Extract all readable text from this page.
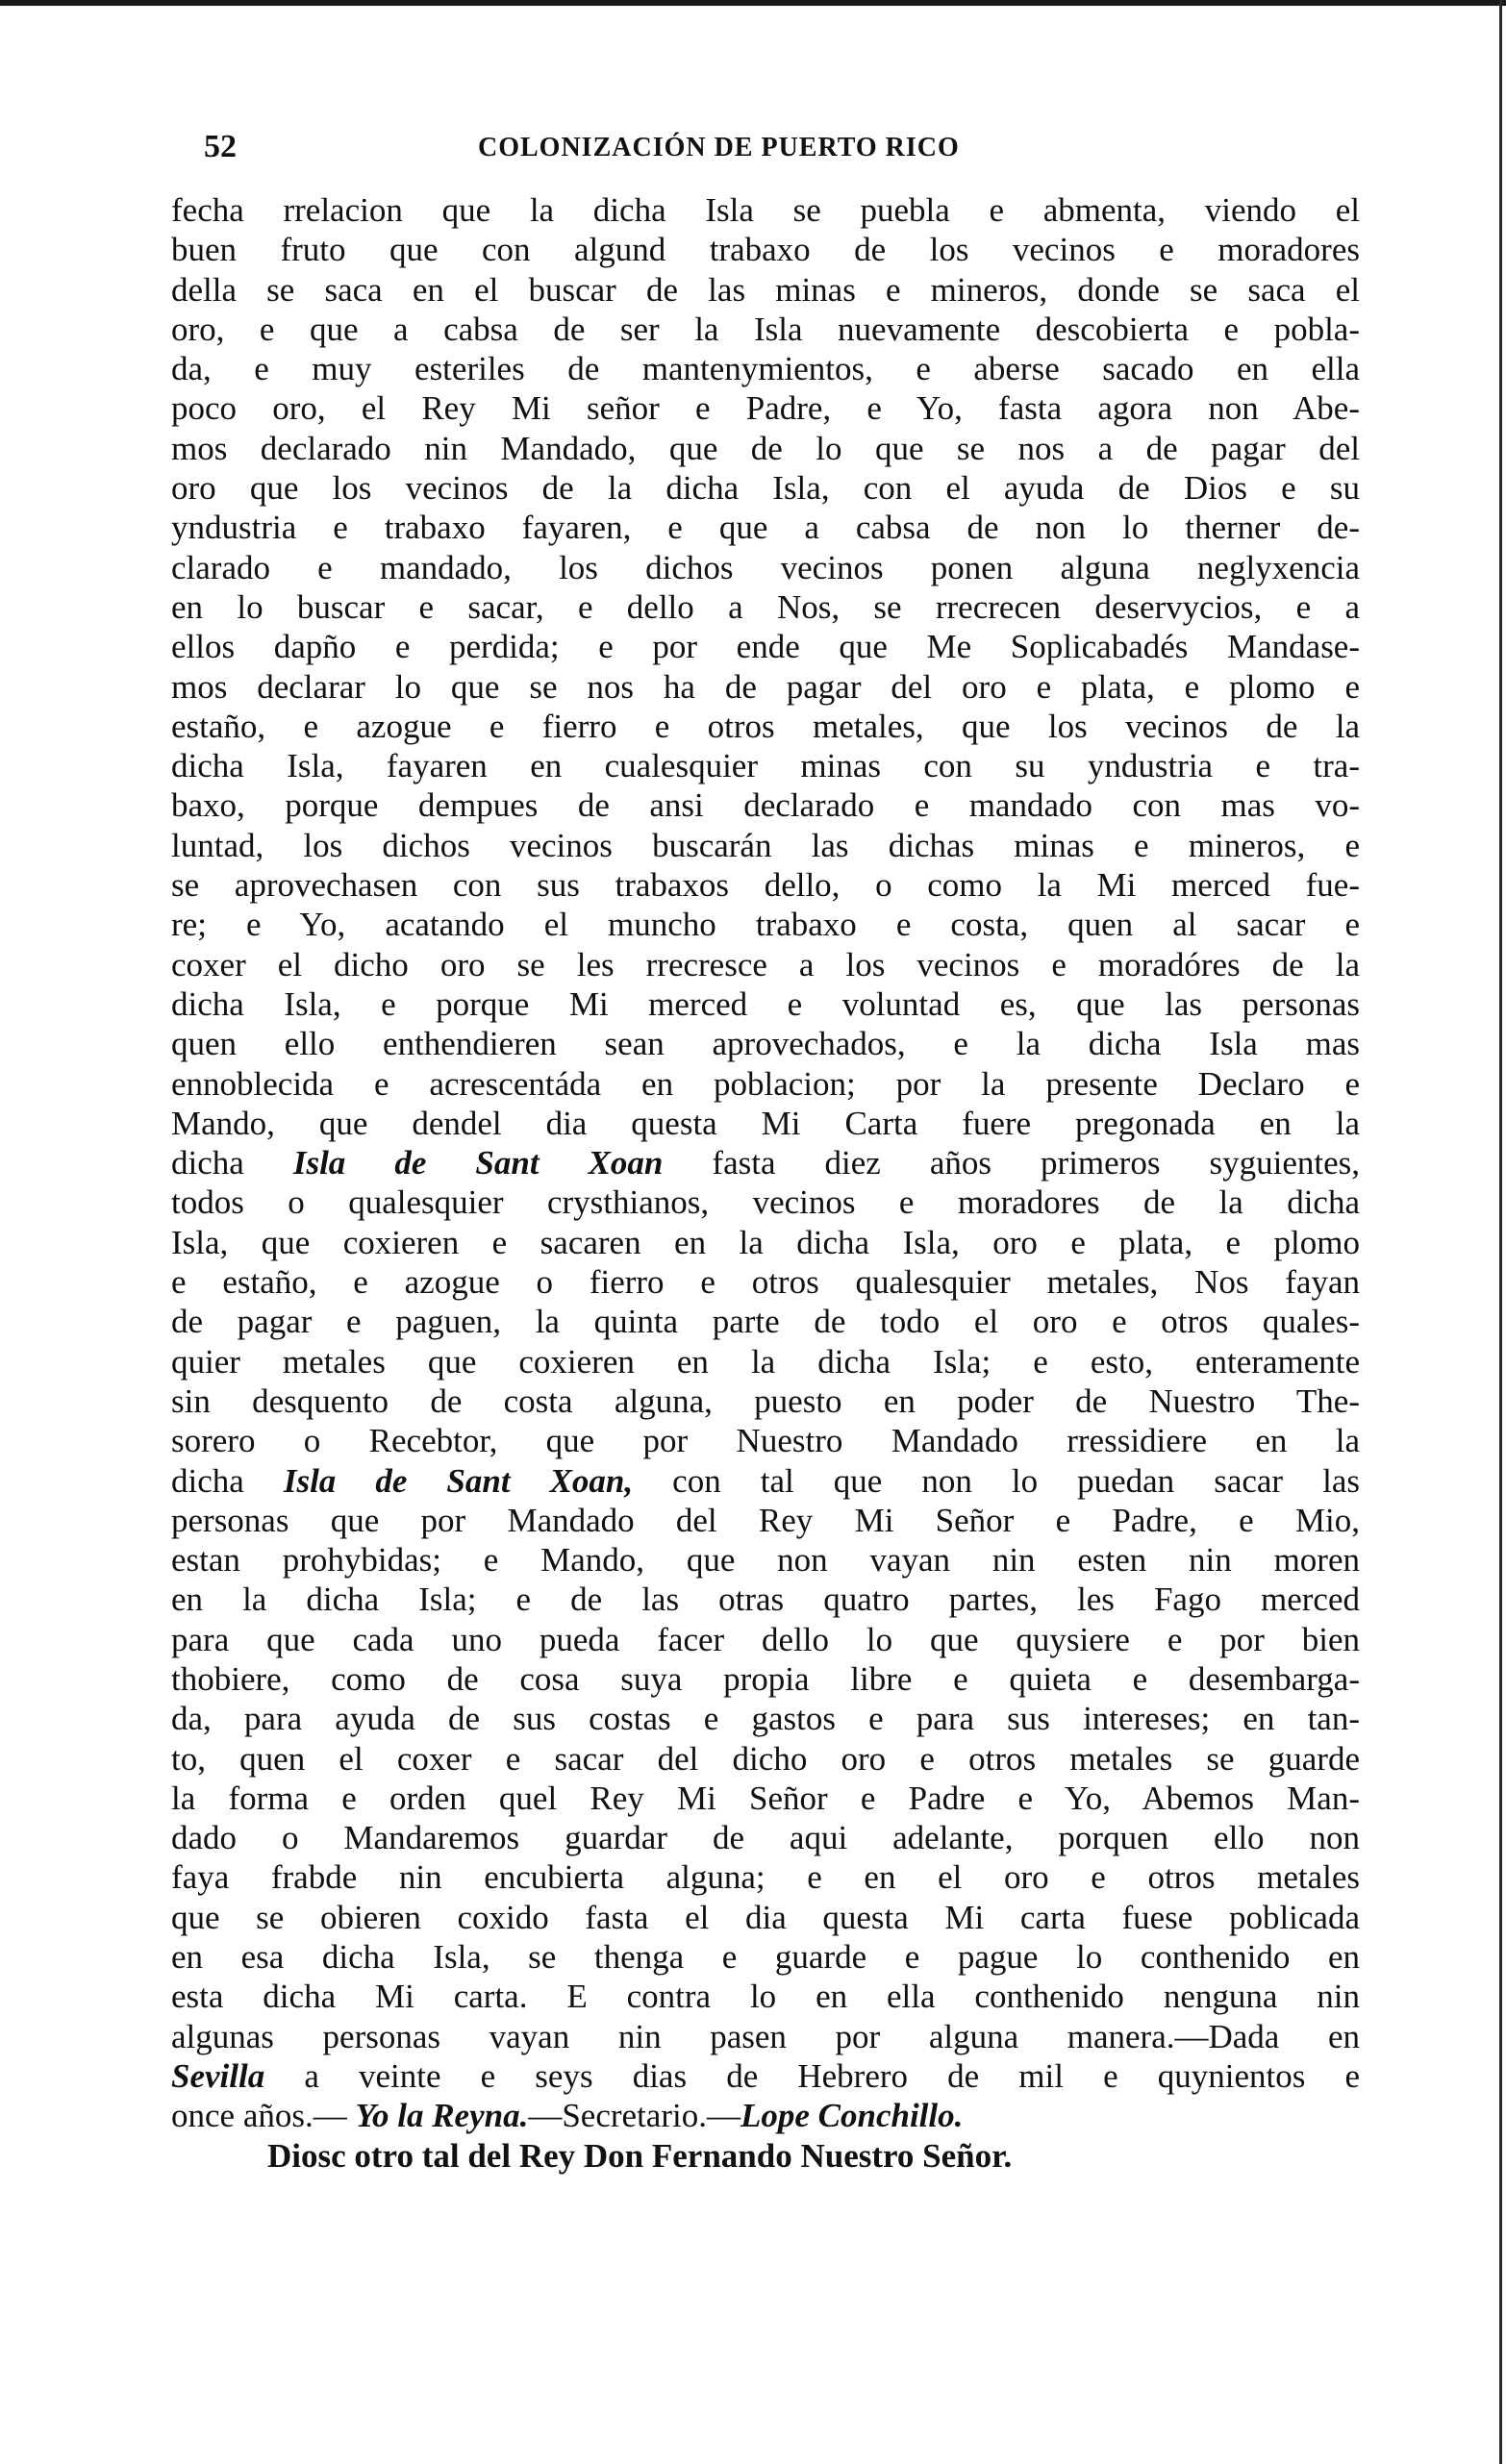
52	COLONIZACIÓN DE PUERTO RICO
fecha rrelacion que la dicha Isla se puebla e abmenta, viendo el
buen fruto que con algund trabaxo de los vecinos e moradores
della se saca en el buscar de las minas e mineros, donde se saca el
oro, e que a cabsa de ser la Isla nuevamente descobierta e pobla-
da, e muy esteriles de mantenymientos, e aberse sacado en ella
poco oro, el Rey Mi señor e Padre, e Yo, fasta agora non Abe-
mos declarado nin Mandado, que de lo que se nos a de pagar del
oro que los vecinos de la dicha Isla, con el ayuda de Dios e su
yndustria e trabaxo fayaren, e que a cabsa de non lo therner de-
clarado e mandado, los dichos vecinos ponen alguna neglyxencia
en lo buscar e sacar, e dello a Nos, se rrecrecen deservycios, e a
ellos dapño e perdida; e por ende que Me Soplicabadés Mandase-
mos declarar lo que se nos ha de pagar del oro e plata, e plomo e
estaño, e azogue e fierro e otros metales, que los vecinos de la
dicha Isla, fayaren en cualesquier minas con su yndustria e tra-
baxo, porque dempues de ansi declarado e mandado con mas vo-
luntad, los dichos vecinos buscarán las dichas minas e mineros, e
se aprovechasen con sus trabaxos dello, o como la Mi merced fue-
re; e Yo, acatando el muncho trabaxo e costa, quen al sacar e
coxer el dicho oro se les rrecresce a los vecinos e moradóres de la
dicha Isla, e porque Mi merced e voluntad es, que las personas
quen ello enthendieren sean aprovechados, e la dicha Isla mas
ennoblecida e acrescentáda en poblacion; por la presente Declaro e
Mando, que dendel dia questa Mi Carta fuere pregonada en la
dicha Isla de Sant Xoan fasta diez años primeros syguientes,
todos o qualesquier crysthianos, vecinos e moradores de la dicha
Isla, que coxieren e sacaren en la dicha Isla, oro e plata, e plomo
e estaño, e azogue o fierro e otros qualesquier metales, Nos fayan
de pagar e paguen, la quinta parte de todo el oro e otros quales-
quier metales que coxieren en la dicha Isla; e esto, enteramente
sin desquento de costa alguna, puesto en poder de Nuestro The-
sorero o Recebtor, que por Nuestro Mandado rressidiere en la
dicha Isla de Sant Xoan, con tal que non lo puedan sacar las
personas que por Mandado del Rey Mi Señor e Padre, e Mio,
estan prohybidas; e Mando, que non vayan nin esten nin moren
en la dicha Isla; e de las otras quatro partes, les Fago merced
para que cada uno pueda facer dello lo que quysiere e por bien
thobiere, como de cosa suya propia libre e quieta e desembarga-
da, para ayuda de sus costas e gastos e para sus intereses; en tan-
to, quen el coxer e sacar del dicho oro e otros metales se guarde
la forma e orden quel Rey Mi Señor e Padre e Yo, Abemos Man-
dado o Mandaremos guardar de aqui adelante, porquen ello non
faya frabde nin encubierta alguna; e en el oro e otros metales
que se obieren coxido fasta el dia questa Mi carta fuese poblicada
en esa dicha Isla, se thenga e guarde e pague lo conthenido en
esta dicha Mi carta. E contra lo en ella conthenido nenguna nin
algunas personas vayan nin pasen por alguna manera.—Dada en
Sevilla a veinte e seys dias de Hebrero de mil e quynientos e
once años.— Yo la Reyna.—Secretario.—Lope Conchillo.
Diosc otro tal del Rey Don Fernando Nuestro Señor.
